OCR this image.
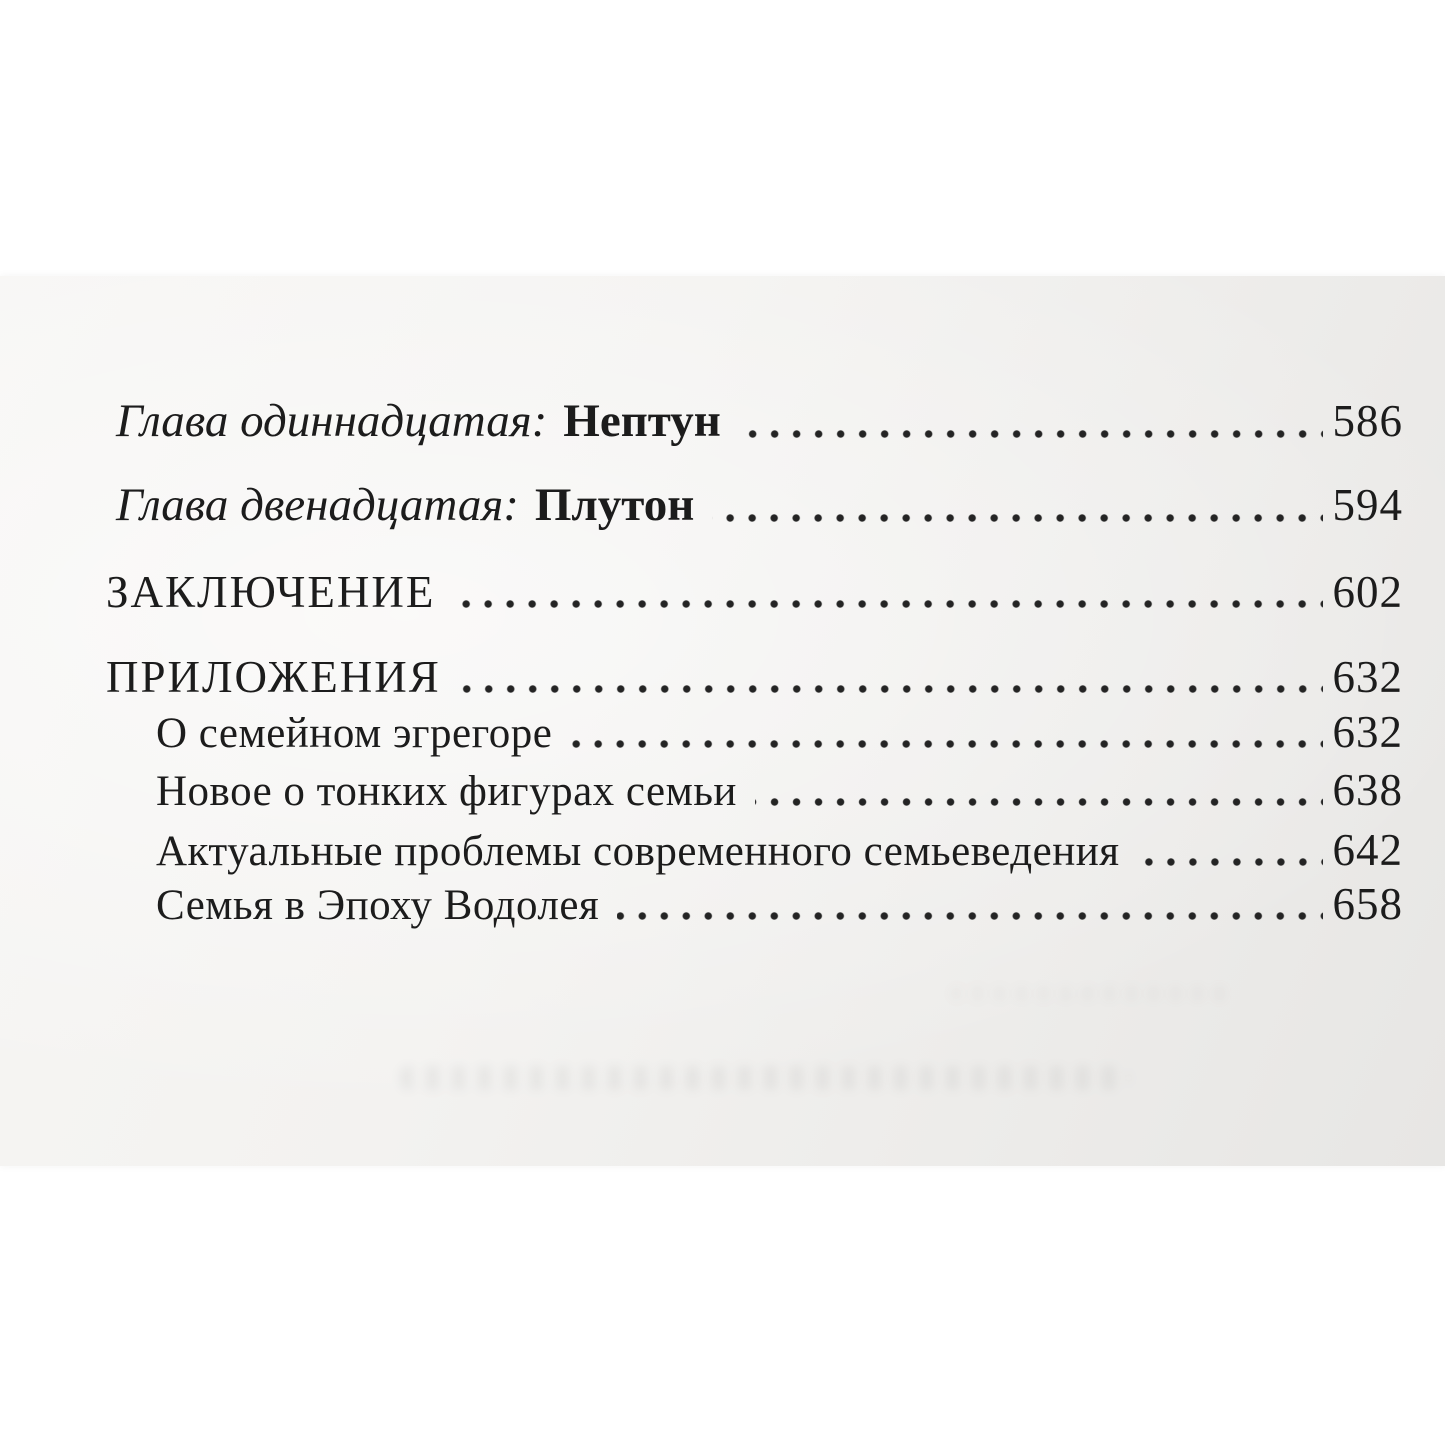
Глава одиннадцатая: Нептун	586
Глава двенадцатая: Плутон	594
ЗАКЛЮЧЕНИЕ	602
ПРИЛОЖЕНИЯ	632
О семейном эгрегоре	632
Новое о тонких фигурах семьи	638
Актуальные проблемы современного семьеведения	642
Семья в Эпоху Водолея	658
